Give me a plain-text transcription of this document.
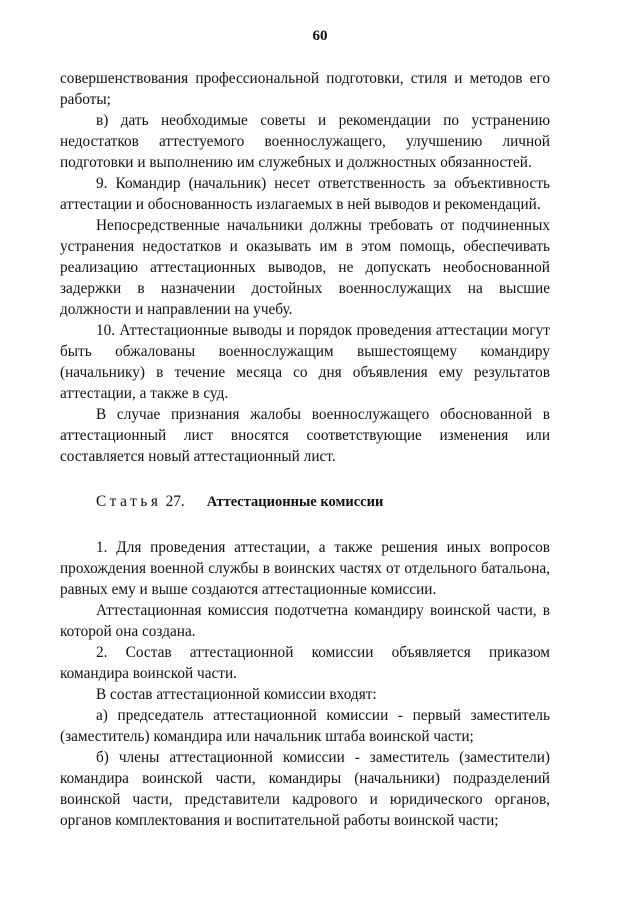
60

совершенствования профессиональной подготовки, стиля и методов его работы;

в) дать необходимые советы и рекомендации по устранению недостатков аттестуемого военнослужащего, улучшению личной подготовки и выполнению им служебных и должностных обязанностей.

9. Командир (начальник) несет ответственность за объективность аттестации и обоснованность излагаемых в ней выводов и рекомендаций.

Непосредственные начальники должны требовать от подчиненных устранения недостатков и оказывать им в этом помощь, обеспечивать реализацию аттестационных выводов, не допускать необоснованной задержки в назначении достойных военнослужащих на высшие должности и направлении на учебу.

10. Аттестационные выводы и порядок проведения аттестации могут быть обжалованы военнослужащим вышестоящему командиру (начальнику) в течение месяца со дня объявления ему результатов аттестации, а также в суд.

В случае признания жалобы военнослужащего обоснованной в аттестационный лист вносятся соответствующие изменения или составляется новый аттестационный лист.

Статья 27. Аттестационные комиссии

1. Для проведения аттестации, а также решения иных вопросов прохождения военной службы в воинских частях от отдельного батальона, равных ему и выше создаются аттестационные комиссии.

Аттестационная комиссия подотчетна командиру воинской части, в которой она создана.

2. Состав аттестационной комиссии объявляется приказом командира воинской части.

В состав аттестационной комиссии входят:

а) председатель аттестационной комиссии - первый заместитель (заместитель) командира или начальник штаба воинской части;

б) члены аттестационной комиссии - заместитель (заместители) командира воинской части, командиры (начальники) подразделений воинской части, представители кадрового и юридического органов, органов комплектования и воспитательной работы воинской части;
